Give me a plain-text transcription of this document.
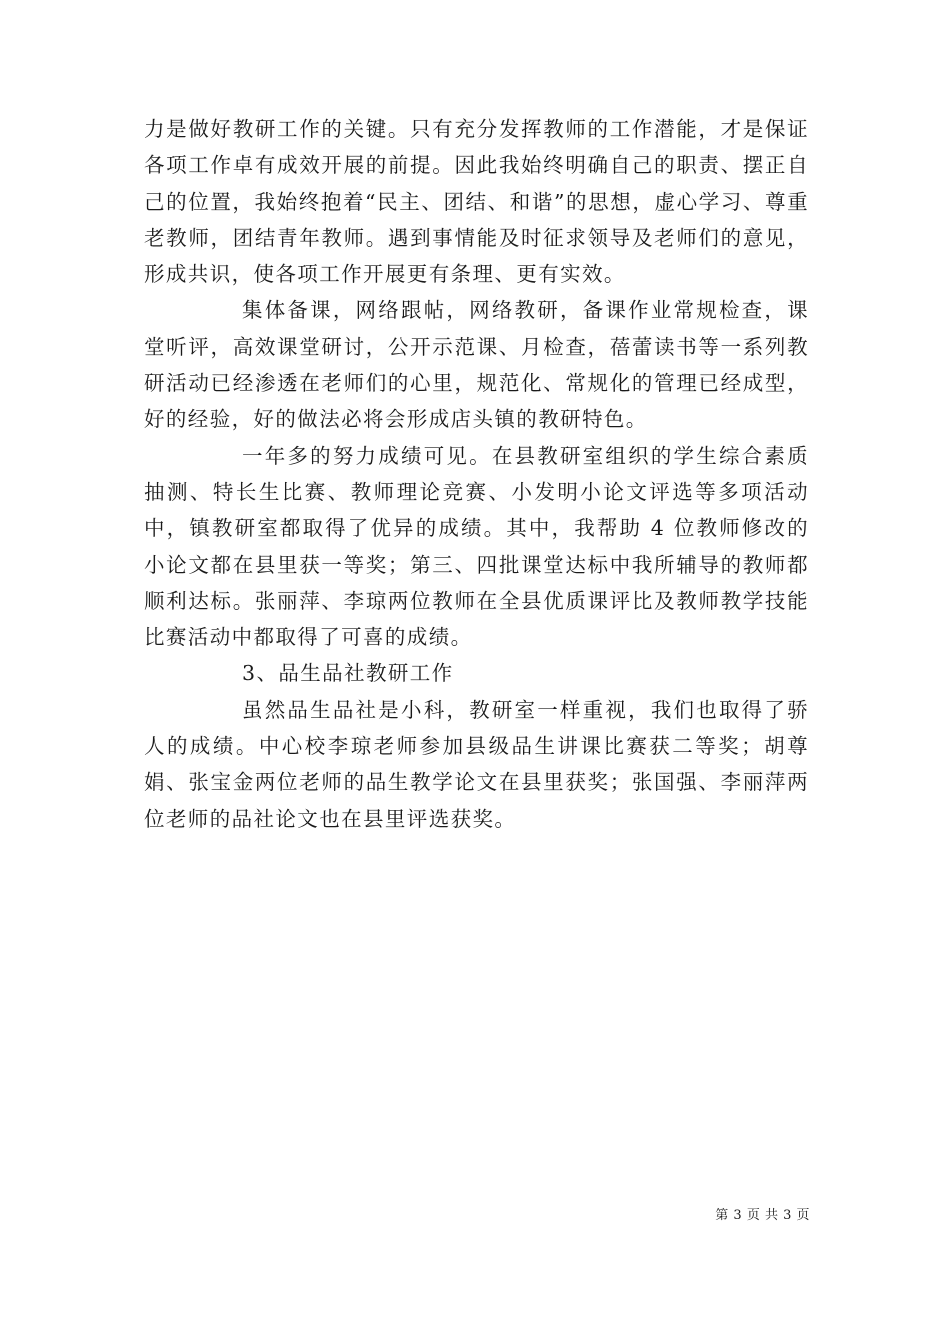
力是做好教研工作的关键。只有充分发挥教师的工作潜能，才是保证各项工作卓有成效开展的前提。因此我始终明确自己的职责、摆正自己的位置，我始终抱着“民主、团结、和谐”的思想，虚心学习、尊重老教师，团结青年教师。遇到事情能及时征求领导及老师们的意见，形成共识，使各项工作开展更有条理、更有实效。

集体备课，网络跟帖，网络教研，备课作业常规检查，课堂听评，高效课堂研讨，公开示范课、月检查，蓓蕾读书等一系列教研活动已经渗透在老师们的心里，规范化、常规化的管理已经成型，好的经验，好的做法必将会形成店头镇的教研特色。

一年多的努力成绩可见。在县教研室组织的学生综合素质抽测、特长生比赛、教师理论竞赛、小发明小论文评选等多项活动中，镇教研室都取得了优异的成绩。其中，我帮助 4 位教师修改的小论文都在县里获一等奖；第三、四批课堂达标中我所辅导的教师都顺利达标。张丽萍、李琼两位教师在全县优质课评比及教师教学技能比赛活动中都取得了可喜的成绩。

3、品生品社教研工作

虽然品生品社是小科，教研室一样重视，我们也取得了骄人的成绩。中心校李琼老师参加县级品生讲课比赛获二等奖；胡尊娟、张宝金两位老师的品生教学论文在县里获奖；张国强、李丽萍两位老师的品社论文也在县里评选获奖。

第 3 页 共 3 页
